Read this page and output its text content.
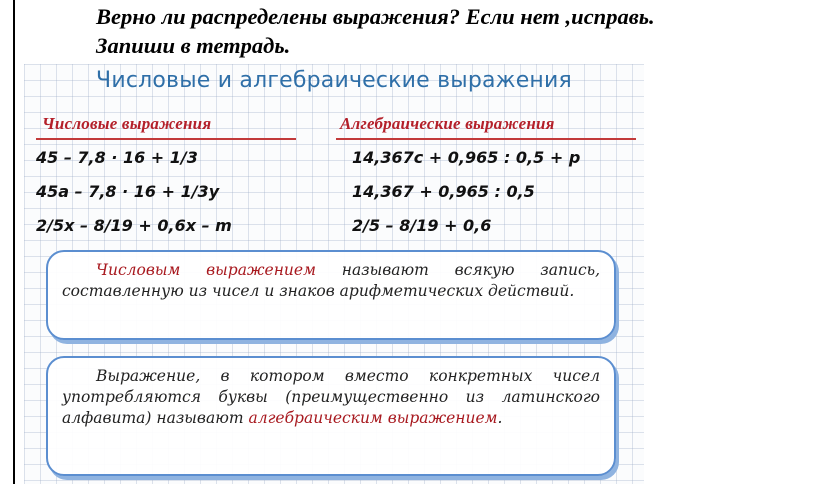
Верно ли распределены выражения? Если нет ,исправь.
Запиши в тетрадь.
Числовые и алгебраические выражения
Числовые выражения	Алгебраические выражения
45 – 7,8 · 16 + 1/3
45a – 7,8 · 16 + 1/3y
2/5x – 8/19 + 0,6x – m
14,367c + 0,965 : 0,5 + p
14,367 + 0,965 : 0,5
2/5 – 8/19 + 0,6
Числовым выражением называют всякую запись, составленную из чисел и знаков арифметических действий.
Выражение, в котором вместо конкретных чисел употребляются буквы (преимущественно из латинского алфавита) называют алгебраическим выражением.
